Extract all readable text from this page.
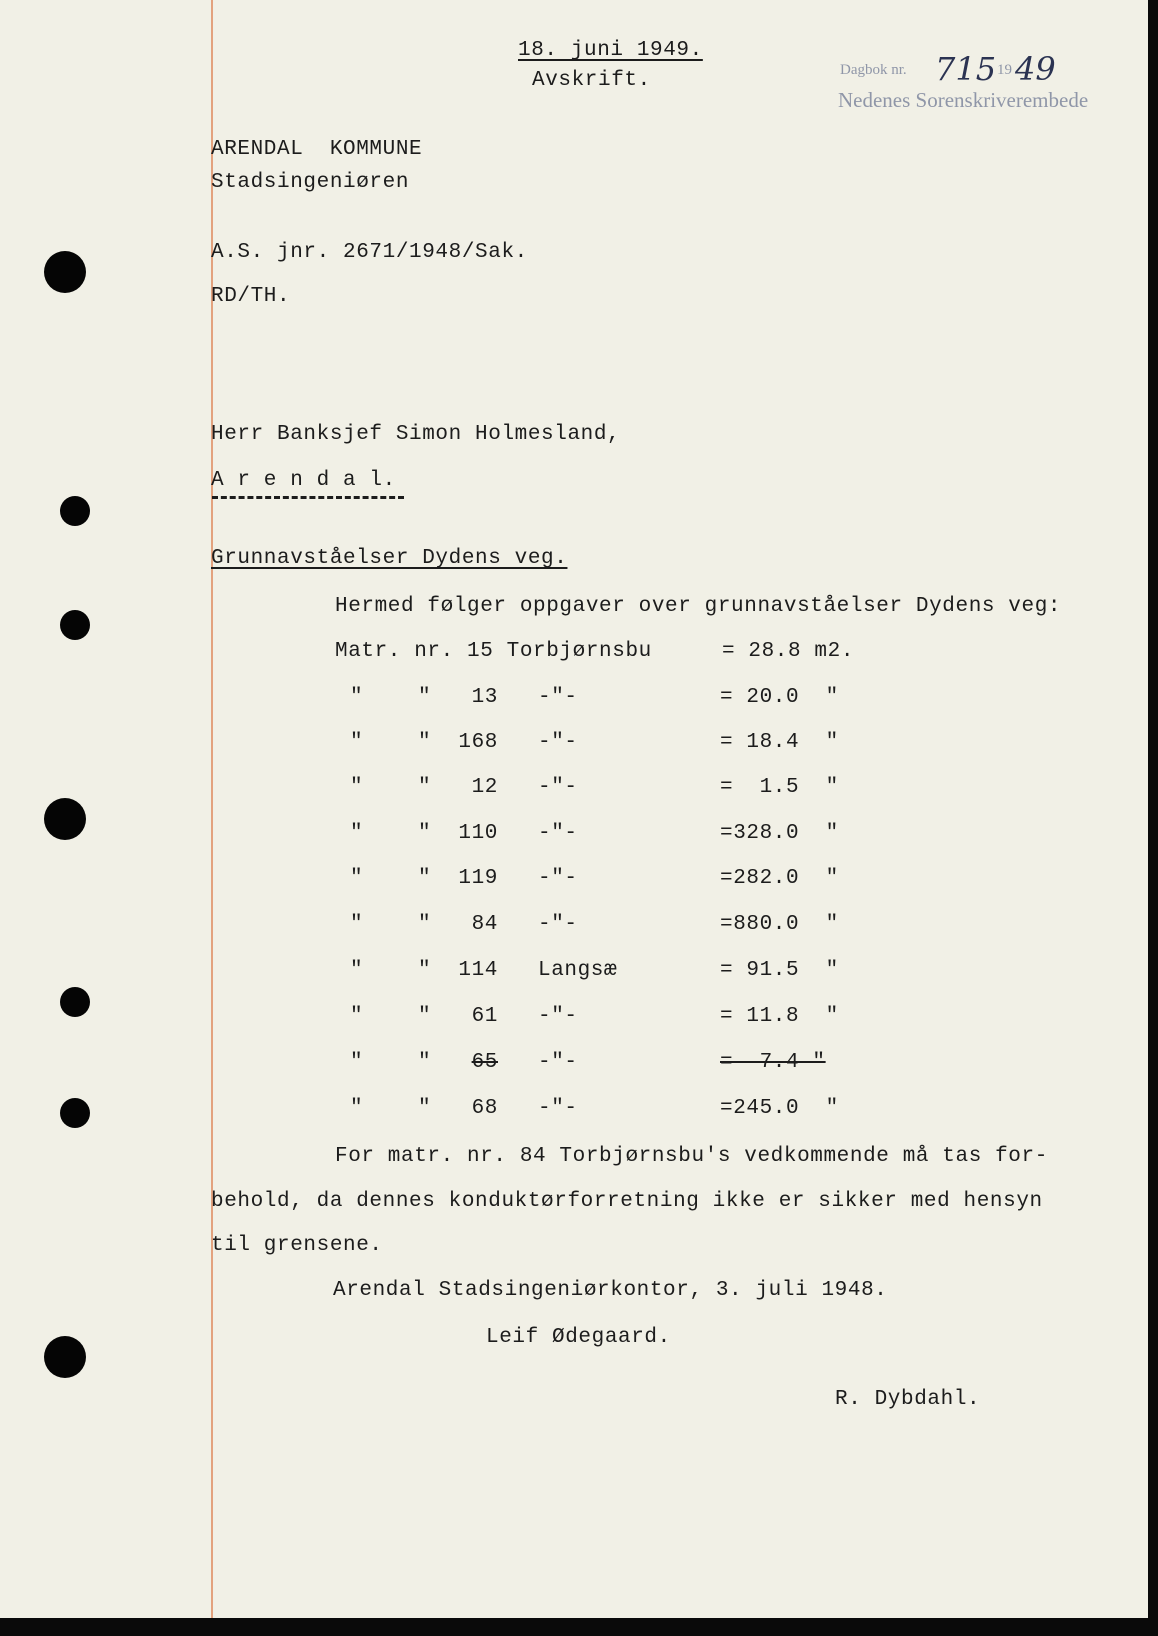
18. juni 1949.
Avskrift.	Dagbok nr. 715 19 49
Nedenes Sorenskriverembede
ARENDAL  KOMMUNE
Stadsingeniøren
A.S. jnr. 2671/1948/Sak.
RD/TH.
Herr Banksjef Simon Holmesland,
A r e n d a l.
Grunnavståelser Dydens veg.
Hermed følger oppgaver over grunnavståelser Dydens veg:
Matr. nr. 15 Torbjørnsbu	= 28.8 m2.
"	"	13 -"-	= 20.0  "
"	"	168 -"-	= 18.4  "
"	"	12 -"-	=  1.5  "
"	"	110 -"-	=328.0  "
"	"	119 -"-	=282.0  "
"	"	84 -"-	=880.0  "
"	"	114 Langsæ	= 91.5  "
"	"	61 -"-	= 11.8  "
"	"	65 -"-	=  7.4 "
"	"	68 -"-	=245.0  "
For matr. nr. 84 Torbjørnsbu's vedkommende må tas for-
behold, da dennes konduktørforretning ikke er sikker med hensyn
til grensene.
Arendal Stadsingeniørkontor, 3. juli 1948.
Leif Ødegaard.
R. Dybdahl.
